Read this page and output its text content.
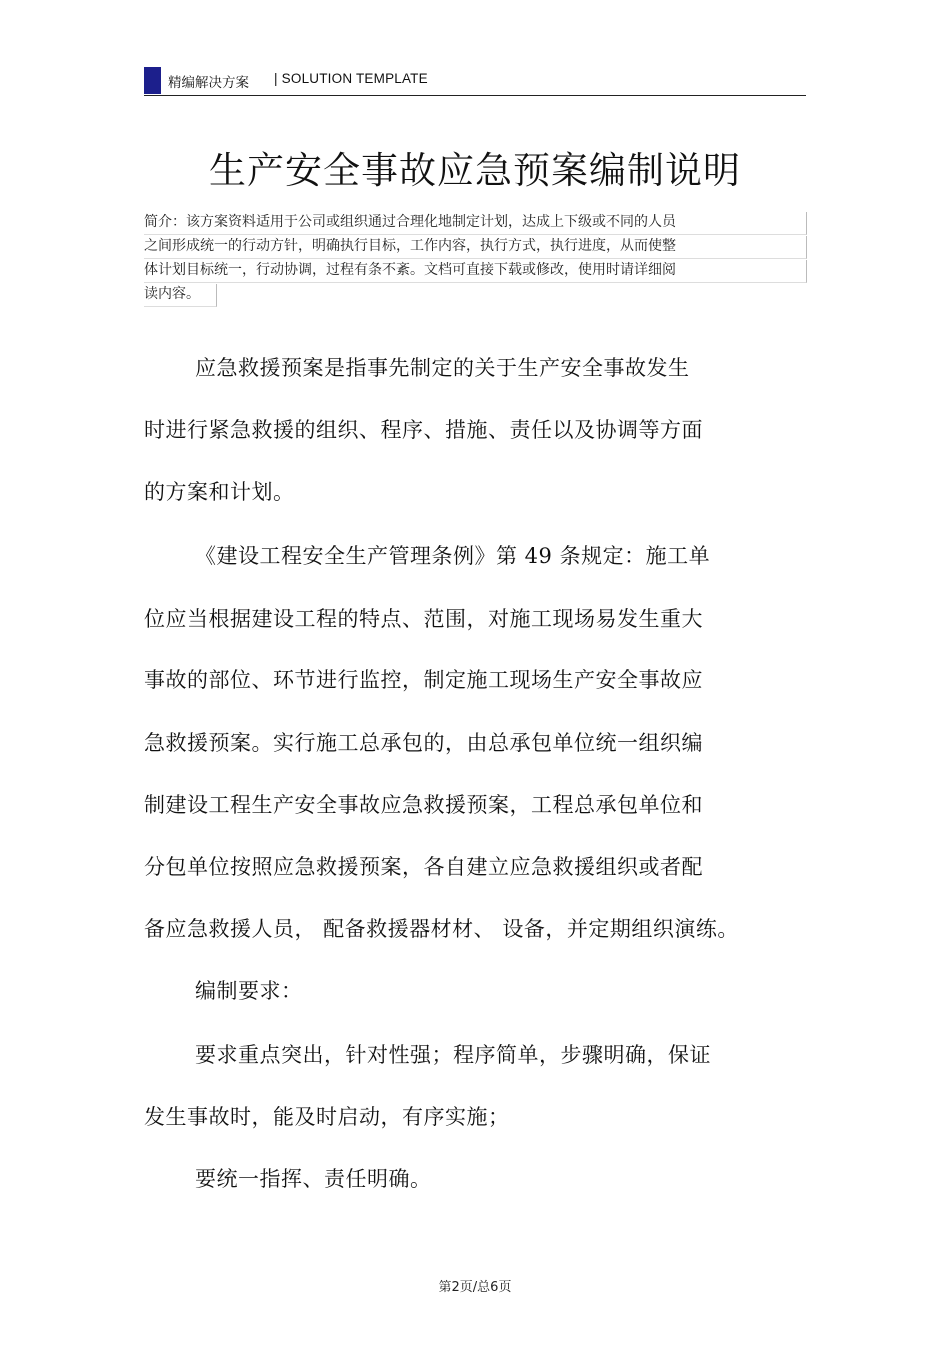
精编解决方案 | SOLUTION TEMPLATE
生产安全事故应急预案编制说明
简介：该方案资料适用于公司或组织通过合理化地制定计划，达成上下级或不同的人员
之间形成统一的行动方针，明确执行目标，工作内容，执行方式，执行进度，从而使整
体计划目标统一，行动协调，过程有条不紊。文档可直接下载或修改，使用时请详细阅
读内容。
应急救援预案是指事先制定的关于生产安全事故发生
时进行紧急救援的组织、程序、措施、责任以及协调等方面
的方案和计划。
《建设工程安全生产管理条例》第 49 条规定：施工单
位应当根据建设工程的特点、范围，对施工现场易发生重大
事故的部位、环节进行监控，制定施工现场生产安全事故应
急救援预案。实行施工总承包的，由总承包单位统一组织编
制建设工程生产安全事故应急救援预案，工程总承包单位和
分包单位按照应急救援预案，各自建立应急救援组织或者配
备应急救援人员， 配备救援器材材、 设备，并定期组织演练。
编制要求：
要求重点突出，针对性强；程序简单，步骤明确，保证
发生事故时，能及时启动，有序实施；
要统一指挥、责任明确。
第2页/总6页
